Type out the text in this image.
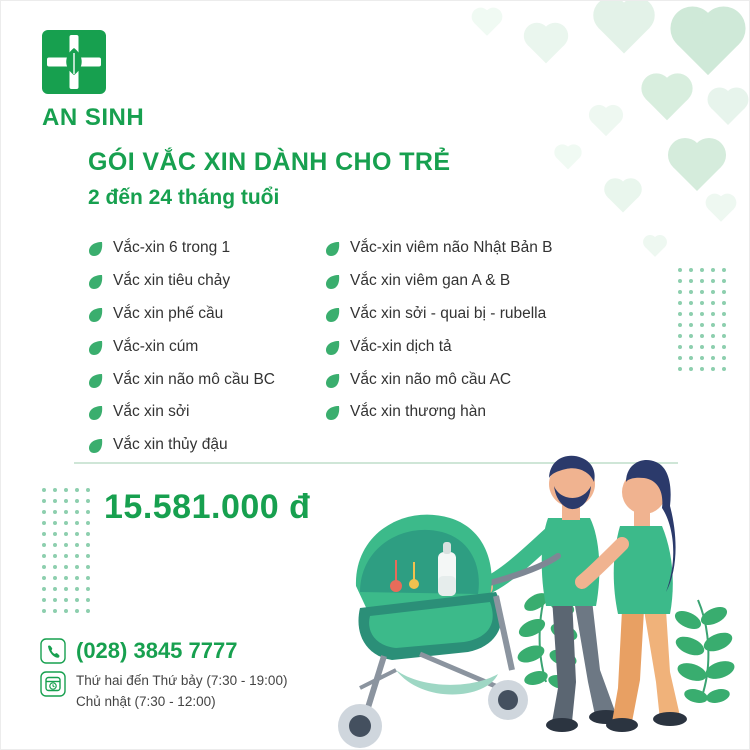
AN SINH
GÓI VẮC XIN DÀNH CHO TRẺ
2 đến 24 tháng tuổi
Vắc-xin 6 trong 1
Vắc xin tiêu chảy
Vắc xin phế cầu
Vắc-xin cúm
Vắc xin não mô cầu BC
Vắc xin sởi
Vắc xin thủy đậu
Vắc-xin viêm não Nhật Bản B
Vắc xin viêm gan A & B
Vắc xin sởi - quai bị - rubella
Vắc-xin dịch tả
Vắc xin não mô cầu AC
Vắc xin thương hàn
15.581.000 đ
(028) 3845 7777
Thứ hai đến Thứ bảy (7:30 - 19:00)
Chủ nhật (7:30 - 12:00)
